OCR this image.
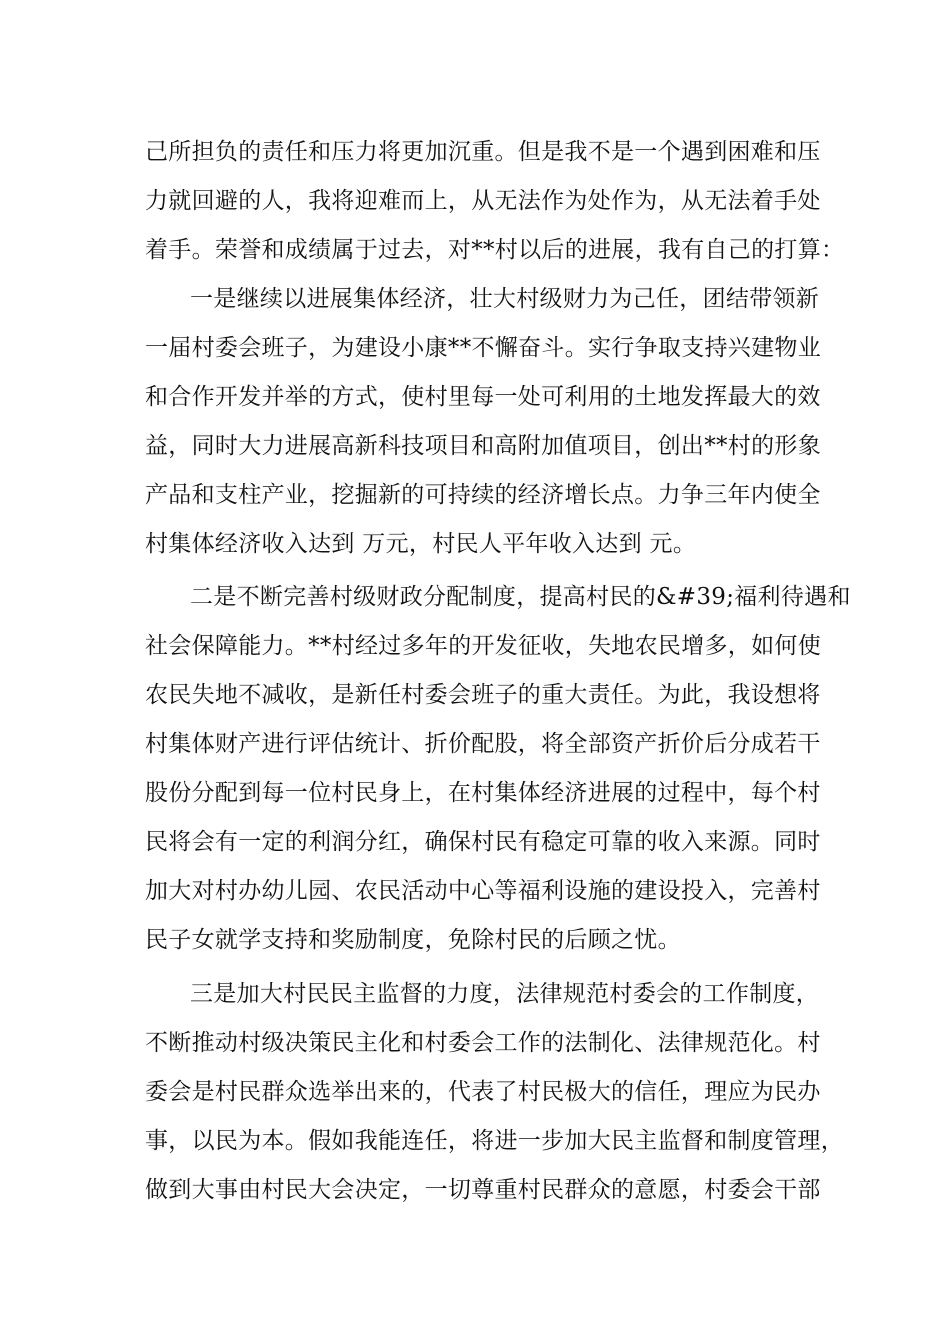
己所担负的责任和压力将更加沉重。但是我不是一个遇到困难和压
力就回避的人，我将迎难而上，从无法作为处作为，从无法着手处
着手。荣誉和成绩属于过去，对**村以后的进展，我有自己的打算：
一是继续以进展集体经济，壮大村级财力为己任，团结带领新
一届村委会班子，为建设小康**不懈奋斗。实行争取支持兴建物业
和合作开发并举的方式，使村里每一处可利用的土地发挥最大的效
益，同时大力进展高新科技项目和高附加值项目，创出**村的形象
产品和支柱产业，挖掘新的可持续的经济增长点。力争三年内使全
村集体经济收入达到 万元，村民人平年收入达到 元。
二是不断完善村级财政分配制度，提高村民的&#39;福利待遇和
社会保障能力。**村经过多年的开发征收，失地农民增多，如何使
农民失地不减收，是新任村委会班子的重大责任。为此，我设想将
村集体财产进行评估统计、折价配股，将全部资产折价后分成若干
股份分配到每一位村民身上，在村集体经济进展的过程中，每个村
民将会有一定的利润分红，确保村民有稳定可靠的收入来源。同时
加大对村办幼儿园、农民活动中心等福利设施的建设投入，完善村
民子女就学支持和奖励制度，免除村民的后顾之忧。
三是加大村民民主监督的力度，法律规范村委会的工作制度，
不断推动村级决策民主化和村委会工作的法制化、法律规范化。村
委会是村民群众选举出来的，代表了村民极大的信任，理应为民办
事，以民为本。假如我能连任，将进一步加大民主监督和制度管理，
做到大事由村民大会决定，一切尊重村民群众的意愿，村委会干部
